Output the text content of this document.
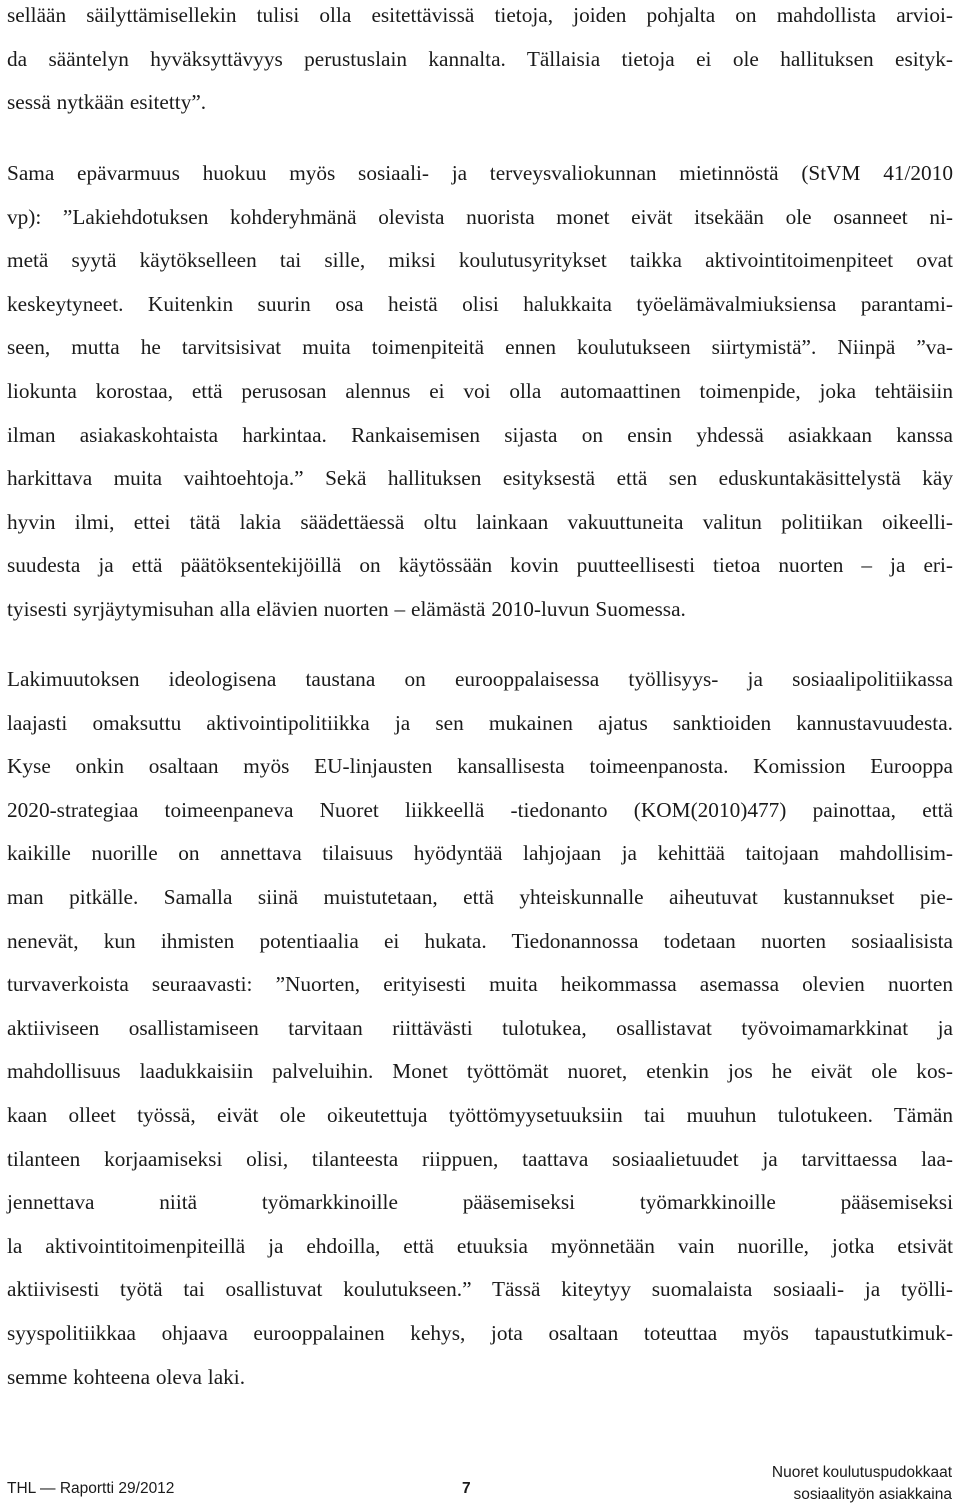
sellään säilyttämisellekin tulisi olla esitettävissä tietoja, joiden pohjalta on mahdollista arvioi-
da sääntelyn hyväksyttävyys perustuslain kannalta. Tällaisia tietoja ei ole hallituksen esityk-
sessä nytkään esitetty”.
Sama epävarmuus huokuu myös sosiaali- ja terveysvaliokunnan mietinnöstä (StVM 41/2010
vp): ”Lakiehdotuksen kohderyhmänä olevista nuorista monet eivät itsekään ole osanneet ni-
metä syytä käytökselleen tai sille, miksi koulutusyritykset taikka aktivointitoimenpiteet ovat
keskeytyneet. Kuitenkin suurin osa heistä olisi halukkaita työelämävalmiuksiensa parantami-
seen, mutta he tarvitsisivat muita toimenpiteitä ennen koulutukseen siirtymistä”. Niinpä ”va-
liokunta korostaa, että perusosan alennus ei voi olla automaattinen toimenpide, joka tehtäisiin
ilman asiakaskohtaista harkintaa. Rankaisemisen sijasta on ensin yhdessä asiakkaan kanssa
harkittava muita vaihtoehtoja.” Sekä hallituksen esityksestä että sen eduskuntakäsittelystä käy
hyvin ilmi, ettei tätä lakia säädettäessä oltu lainkaan vakuuttuneita valitun politiikan oikeelli-
suudesta ja että päätöksentekijöillä on käytössään kovin puutteellisesti tietoa nuorten – ja eri-
tyisesti syrjäytymisuhan alla elävien nuorten – elämästä 2010-luvun Suomessa.
Lakimuutoksen ideologisena taustana on eurooppalaisessa työllisyys- ja sosiaalipolitiikassa
laajasti omaksuttu aktivointipolitiikka ja sen mukainen ajatus sanktioiden kannustavuudesta.
Kyse onkin osaltaan myös EU-linjausten kansallisesta toimeenpanosta. Komission Eurooppa
2020-strategiaa toimeenpaneva Nuoret liikkeellä -tiedonanto (KOM(2010)477) painottaa, että
kaikille nuorille on annettava tilaisuus hyödyntää lahjojaan ja kehittää taitojaan mahdollisim-
man pitkälle. Samalla siinä muistutetaan, että yhteiskunnalle aiheutuvat kustannukset pie-
nenevät, kun ihmisten potentiaalia ei hukata. Tiedonannossa todetaan nuorten sosiaalisista
turvaverkoista seuraavasti: ”Nuorten, erityisesti muita heikommassa asemassa olevien nuorten
aktiiviseen osallistamiseen tarvitaan riittävästi tulotukea, osallistavat työvoimamarkkinat ja
mahdollisuus laadukkaisiin palveluihin. Monet työttömät nuoret, etenkin jos he eivät ole kos-
kaan olleet työssä, eivät ole oikeutettuja työttömyysetuuksiin tai muuhun tulotukeen. Tämän
tilanteen korjaamiseksi olisi, tilanteesta riippuen, taattava sosiaalietuudet ja tarvittaessa laa-
jennettava niitä työmarkkinoille pääsemiseksi työmarkkinoille pääsemiseksi
la aktivointitoimenpiteillä ja ehdoilla, että etuuksia myönnetään vain nuorille, jotka etsivät
aktiivisesti työtä tai osallistuvat koulutukseen.” Tässä kiteytyy suomalaista sosiaali- ja työlli-
syyspolitiikkaa ohjaava eurooppalainen kehys, jota osaltaan toteuttaa myös tapaustutkimuk-
semme kohteena oleva laki.
THL — Raportti 29/2012	7
Nuoret koulutuspudokkaat
sosiaalityön asiakkaina
